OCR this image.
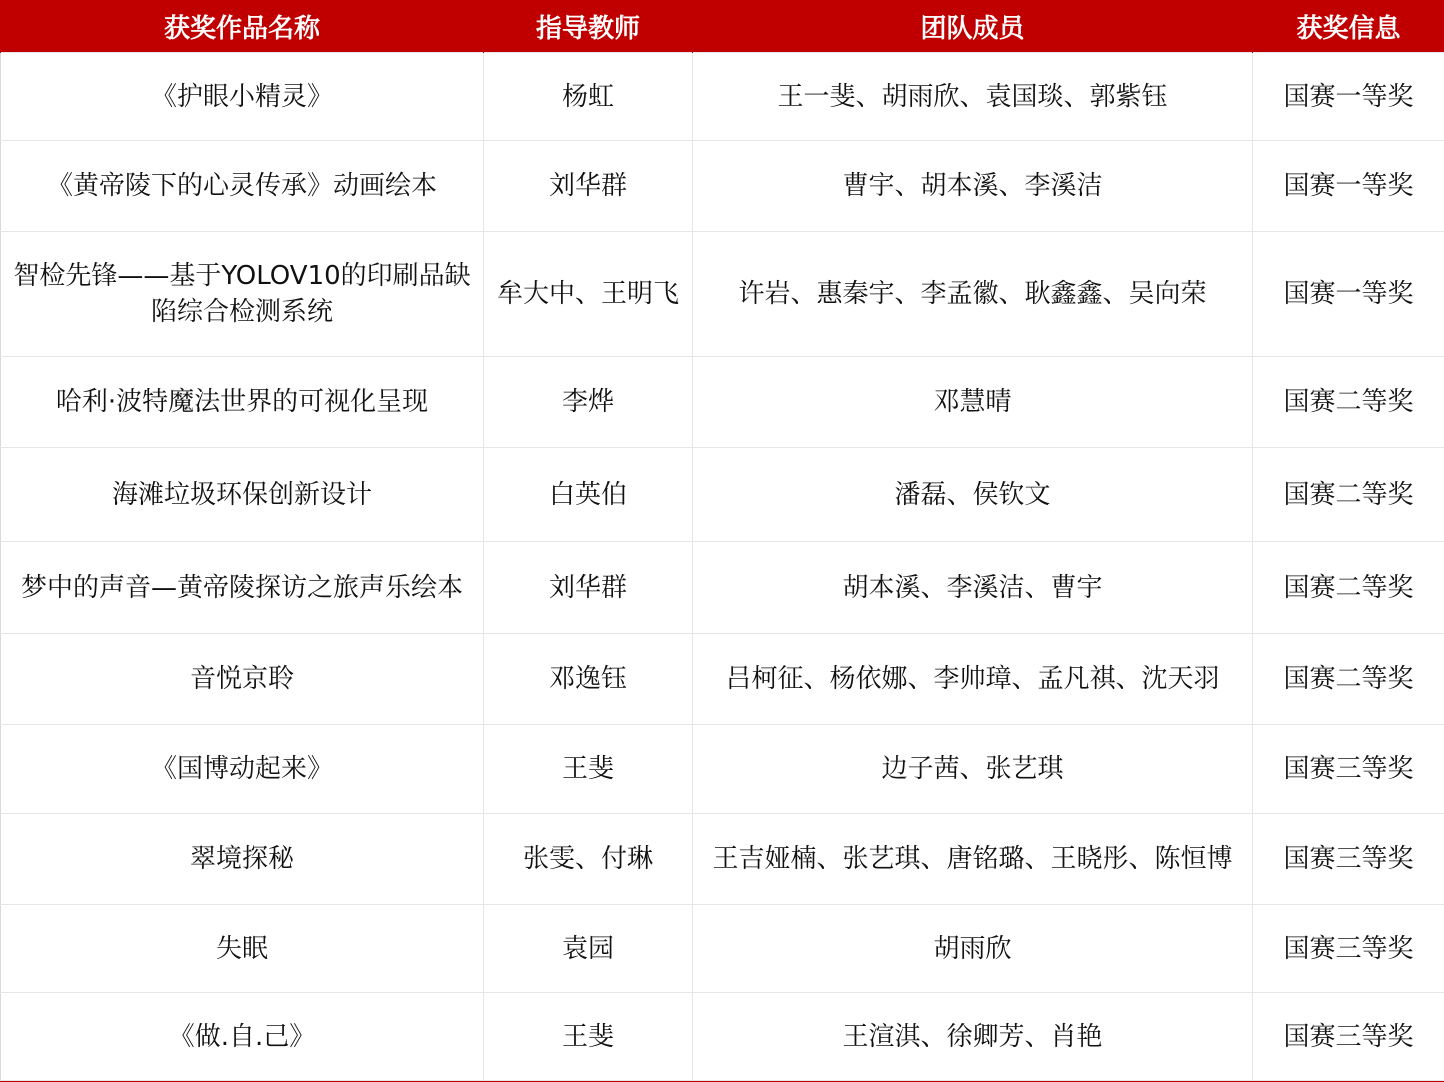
获奖作品名称	指导教师	团队成员	获奖信息
《护眼小精灵》	杨虹	王一斐、胡雨欣、袁国琰、郭紫钰	国赛一等奖
《黄帝陵下的心灵传承》动画绘本	刘华群	曹宇、胡本溪、李溪洁	国赛一等奖
智检先锋——基于YOLOV10的印刷品缺陷综合检测系统	牟大中、王明飞	许岩、惠秦宇、李孟徽、耿鑫鑫、吴向荣	国赛一等奖
哈利·波特魔法世界的可视化呈现	李烨	邓慧晴	国赛二等奖
海滩垃圾环保创新设计	白英伯	潘磊、侯钦文	国赛二等奖
梦中的声音—黄帝陵探访之旅声乐绘本	刘华群	胡本溪、李溪洁、曹宇	国赛二等奖
音悦京聆	邓逸钰	吕柯征、杨依娜、李帅璋、孟凡祺、沈天羽	国赛二等奖
《国博动起来》	王斐	边子茜、张艺琪	国赛三等奖
翠境探秘	张雯、付琳	王吉娅楠、张艺琪、唐铭璐、王晓彤、陈恒博	国赛三等奖
失眠	袁园	胡雨欣	国赛三等奖
《做.自.己》	王斐	王渲淇、徐卿芳、肖艳	国赛三等奖
